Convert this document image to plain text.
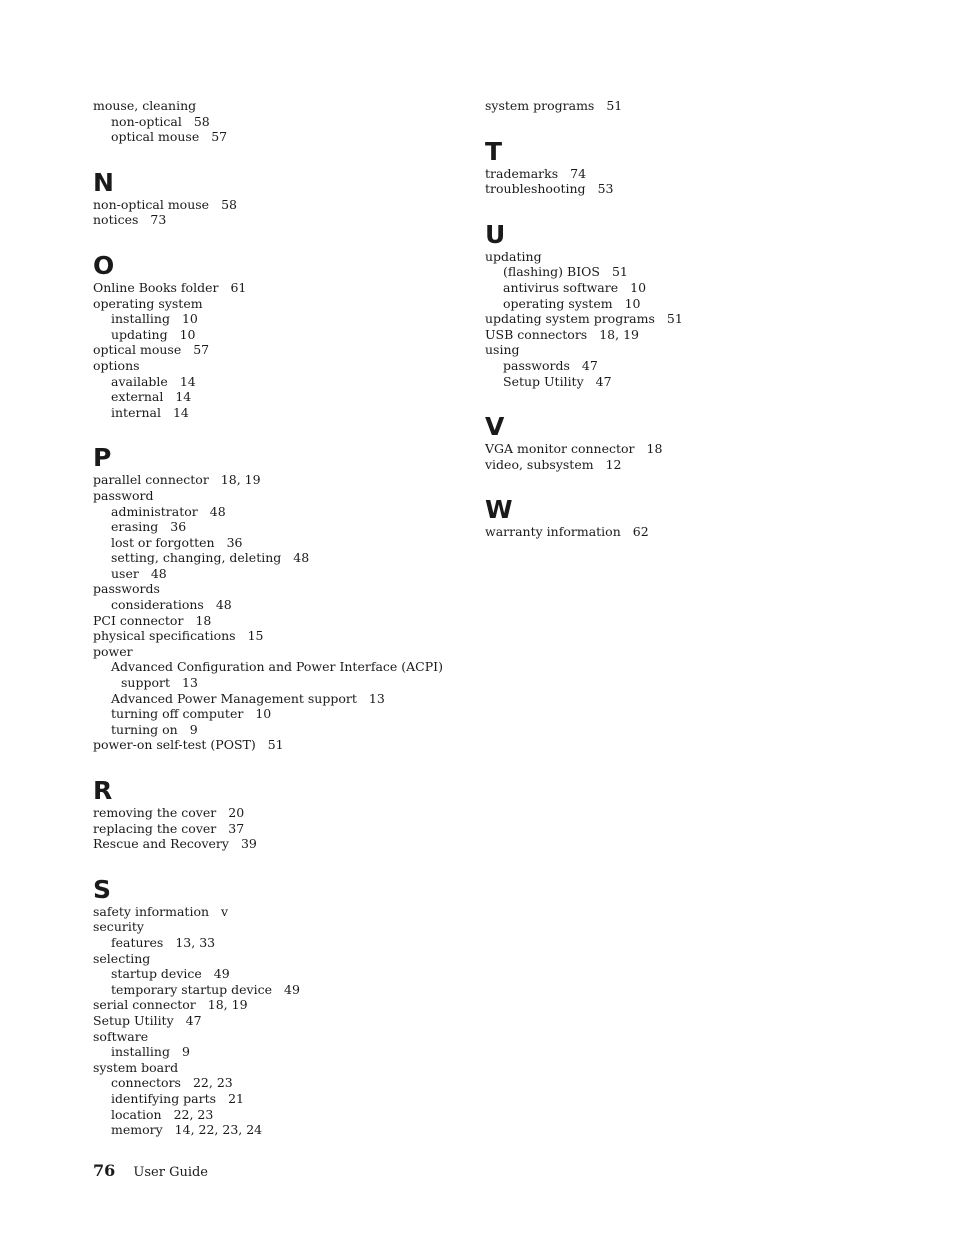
mouse, cleaning
non-optical 58
optical mouse 57
N
non-optical mouse 58
notices 73
O
Online Books folder 61
operating system
installing 10
updating 10
optical mouse 57
options
available 14
external 14
internal 14
P
parallel connector 18, 19
password
administrator 48
erasing 36
lost or forgotten 36
setting, changing, deleting 48
user 48
passwords
considerations 48
PCI connector 18
physical specifications 15
power
Advanced Configuration and Power Interface (ACPI)
support 13
Advanced Power Management support 13
turning off computer 10
turning on 9
power-on self-test (POST) 51
R
removing the cover 20
replacing the cover 37
Rescue and Recovery 39
S
safety information v
security
features 13, 33
selecting
startup device 49
temporary startup device 49
serial connector 18, 19
Setup Utility 47
software
installing 9
system board
connectors 22, 23
identifying parts 21
location 22, 23
memory 14, 22, 23, 24
system programs 51
T
trademarks 74
troubleshooting 53
U
updating
(flashing) BIOS 51
antivirus software 10
operating system 10
updating system programs 51
USB connectors 18, 19
using
passwords 47
Setup Utility 47
V
VGA monitor connector 18
video, subsystem 12
W
warranty information 62
76 User Guide
